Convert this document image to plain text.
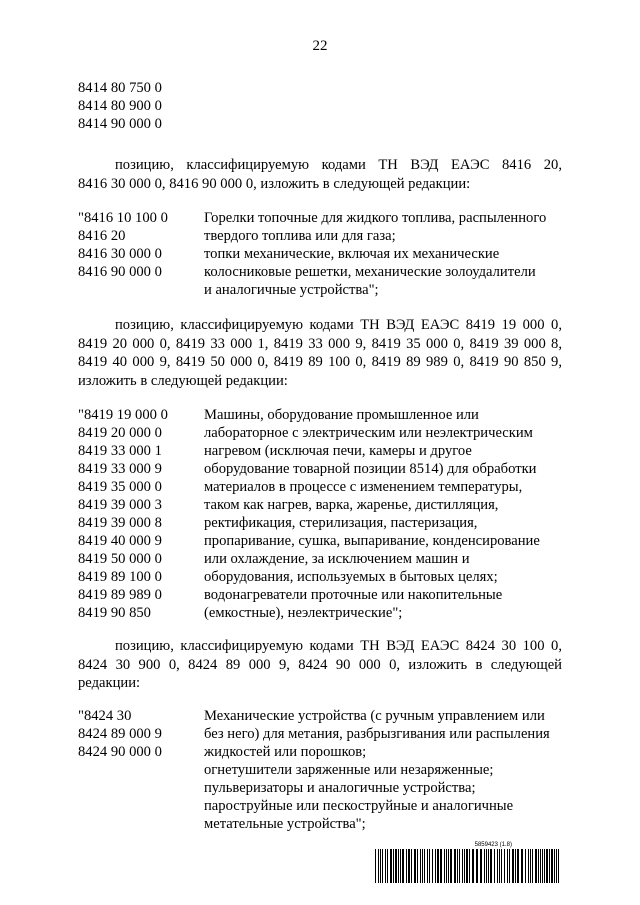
22
8414 80 750 0
8414 80 900 0
8414 90 000 0
позицию, классифицируемую кодами ТН ВЭД ЕАЭС 8416 20,
8416 30 000 0, 8416 90 000 0, изложить в следующей редакции:
"8416 10 100 0
8416 20
8416 30 000 0
8416 90 000 0
Горелки топочные для жидкого топлива, распыленного
твердого топлива или для газа;
топки механические, включая их механические
колосниковые решетки, механические золоудалители
и аналогичные устройства";
позицию, классифицируемую кодами ТН ВЭД ЕАЭС 8419 19 000 0,
8419 20 000 0, 8419 33 000 1, 8419 33 000 9, 8419 35 000 0, 8419 39 000 8,
8419 40 000 9, 8419 50 000 0, 8419 89 100 0, 8419 89 989 0, 8419 90 850 9,
изложить в следующей редакции:
"8419 19 000 0
8419 20 000 0
8419 33 000 1
8419 33 000 9
8419 35 000 0
8419 39 000 3
8419 39 000 8
8419 40 000 9
8419 50 000 0
8419 89 100 0
8419 89 989 0
8419 90 850
Машины, оборудование промышленное или
лабораторное с электрическим или неэлектрическим
нагревом (исключая печи, камеры и другое
оборудование товарной позиции 8514) для обработки
материалов в процессе с изменением температуры,
таком как нагрев, варка, жаренье, дистилляция,
ректификация, стерилизация, пастеризация,
пропаривание, сушка, выпаривание, конденсирование
или охлаждение, за исключением машин и
оборудования, используемых в бытовых целях;
водонагреватели проточные или накопительные
(емкостные), неэлектрические";
позицию, классифицируемую кодами ТН ВЭД ЕАЭС 8424 30 100 0,
8424 30 900 0, 8424 89 000 9, 8424 90 000 0, изложить в следующей
редакции:
"8424 30
8424 89 000 9
8424 90 000 0
Механические устройства (с ручным управлением или
без него) для метания, разбрызгивания или распыления
жидкостей или порошков;
огнетушители заряженные или незаряженные;
пульверизаторы и аналогичные устройства;
пароструйные или пескоструйные и аналогичные
метательные устройства";
5859423 (1.8)
